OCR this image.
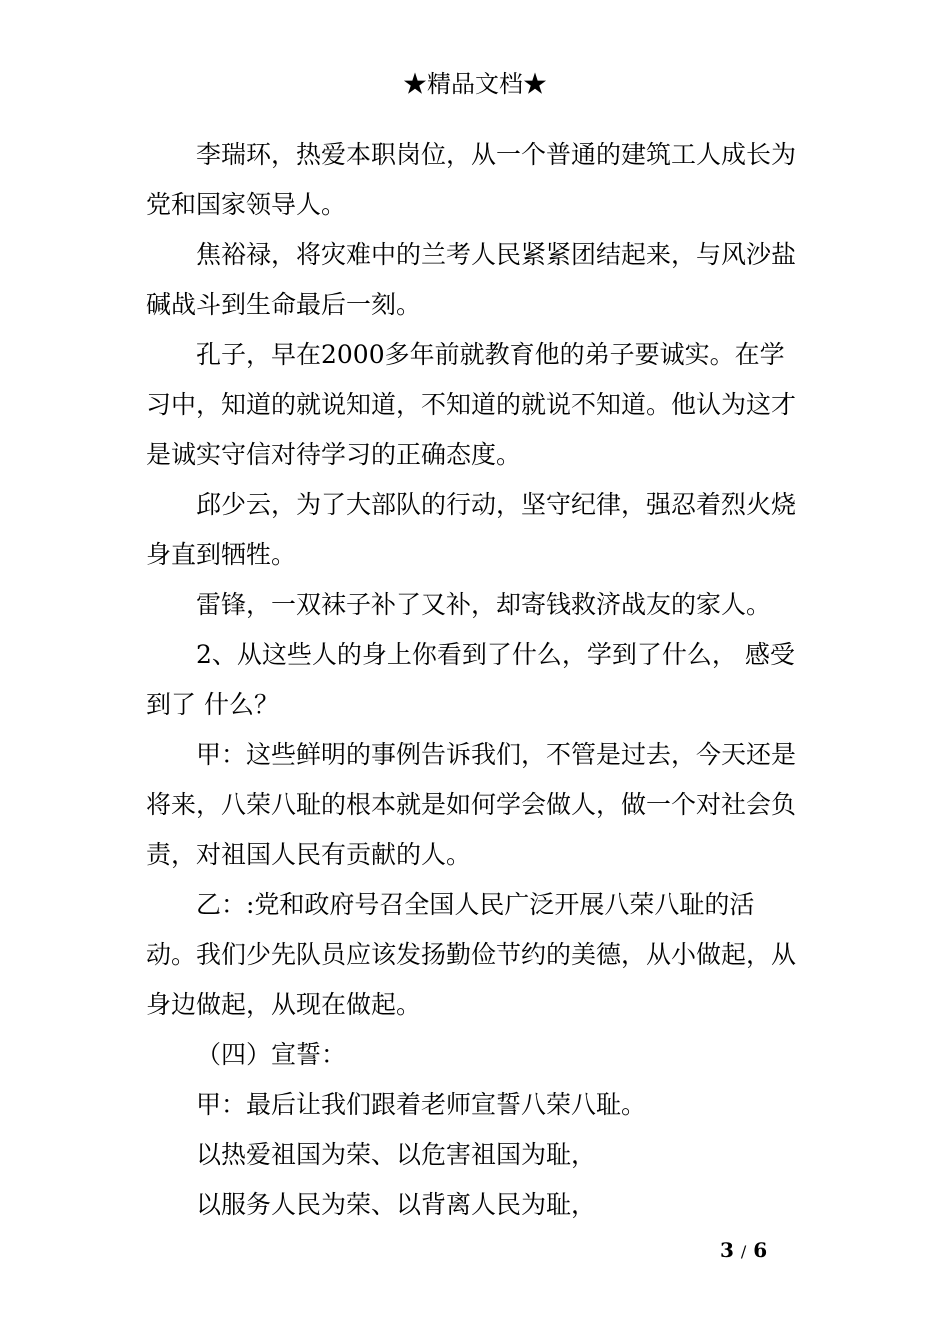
★精品文档★

李瑞环，热爱本职岗位，从一个普通的建筑工人成长为党和国家领导人。

焦裕禄，将灾难中的兰考人民紧紧团结起来，与风沙盐碱战斗到生命最后一刻。

孔子，早在2000多年前就教育他的弟子要诚实。在学习中，知道的就说知道，不知道的就说不知道。他认为这才是诚实守信对待学习的正确态度。

邱少云，为了大部队的行动，坚守纪律，强忍着烈火烧身直到牺牲。

雷锋，一双袜子补了又补，却寄钱救济战友的家人。

2、从这些人的身上你看到了什么，学到了什么， 感受到了 什么？

甲：这些鲜明的事例告诉我们，不管是过去，今天还是将来，八荣八耻的根本就是如何学会做人，做一个对社会负责，对祖国人民有贡献的人。

乙：:党和政府号召全国人民广泛开展八荣八耻的活动。我们少先队员应该发扬勤俭节约的美德，从小做起，从身边做起，从现在做起。

（四）宣誓：

甲：最后让我们跟着老师宣誓八荣八耻。

以热爱祖国为荣、以危害祖国为耻，

以服务人民为荣、以背离人民为耻，

3 / 6
